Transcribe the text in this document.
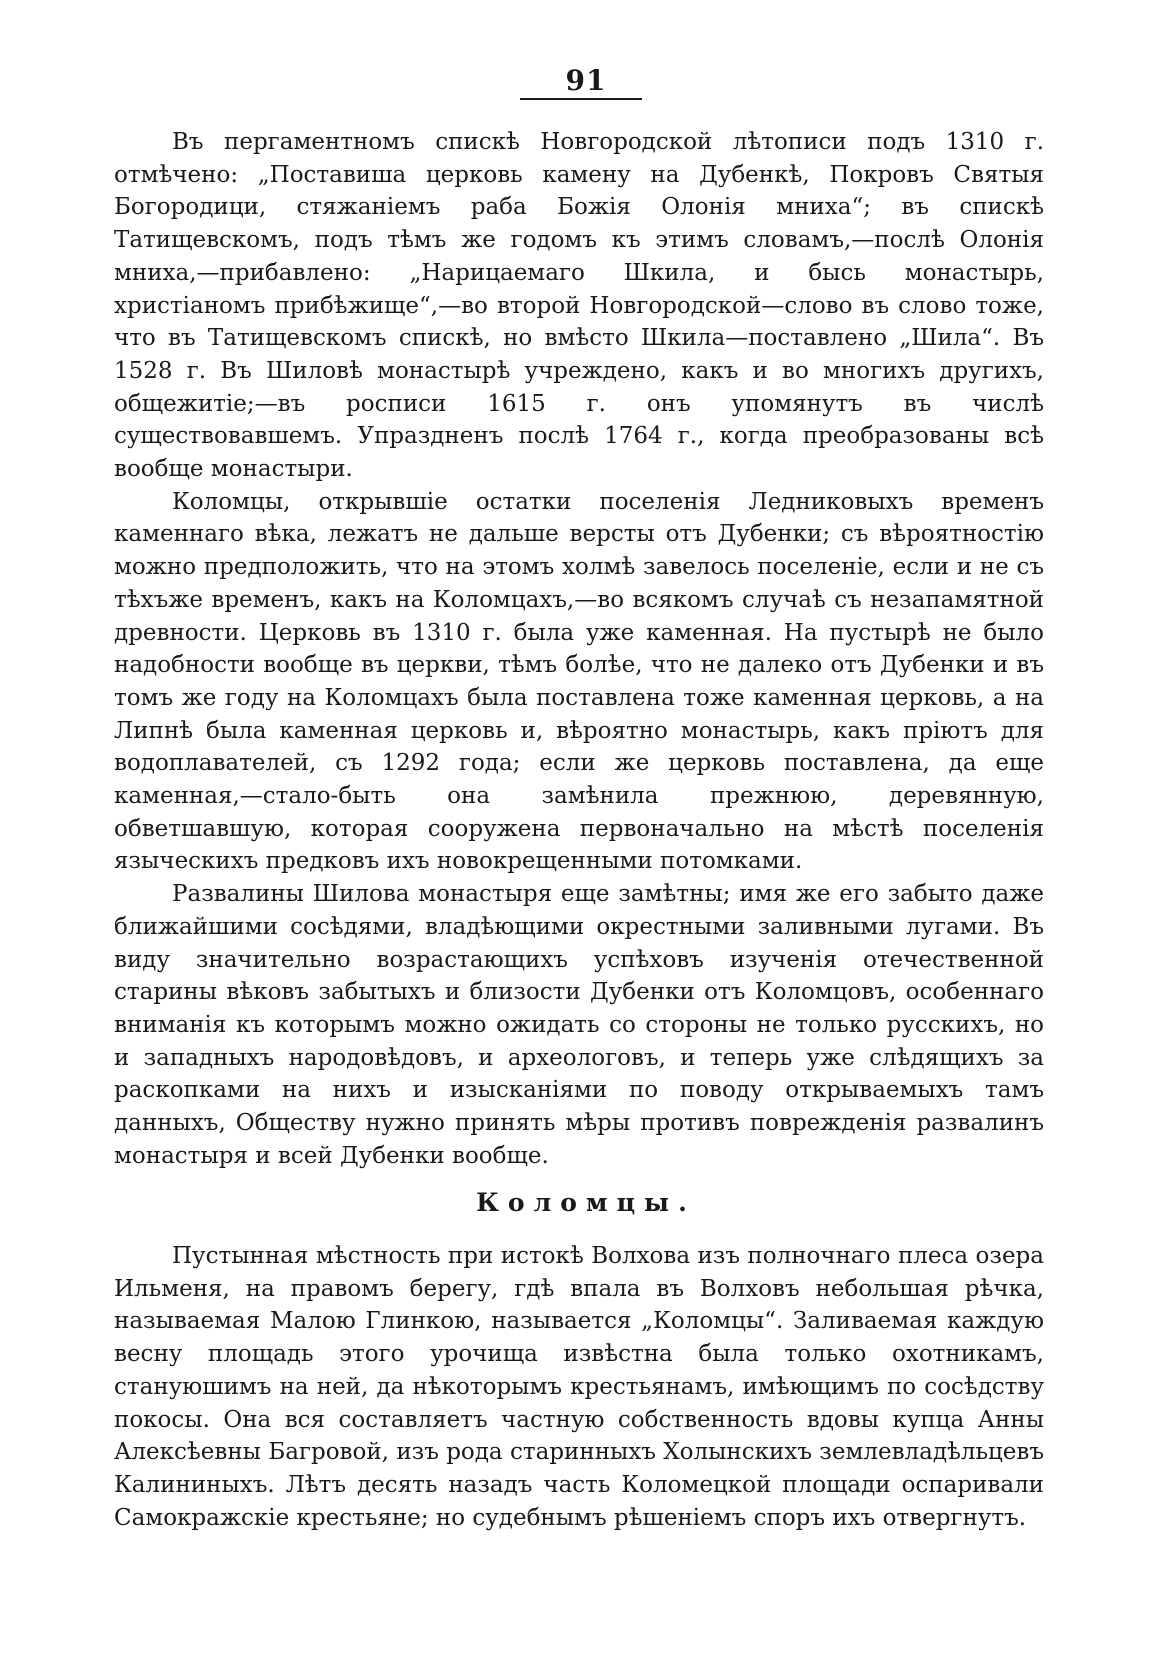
91

Въ пергаментномъ спискѣ Новгородской лѣтописи подъ 1310 г. отмѣчено: „Поставиша церковь камену на Дубенкѣ, Покровъ Святыя Богородици, стяжаніемъ раба Божія Олонія мниха“; въ спискѣ Татищевскомъ, подъ тѣмъ же годомъ къ этимъ словамъ,—послѣ Олонія мниха,—прибавлено: „Нарицаемаго Шкила, и бысь монастырь, христіаномъ прибѣжище“,—во второй Новгородской—слово въ слово тоже, что въ Татищевскомъ спискѣ, но вмѣсто Шкила—поставлено „Шила“. Въ 1528 г. Въ Шиловѣ монастырѣ учреждено, какъ и во многихъ другихъ, общежитіе;—въ росписи 1615 г. онъ упомянутъ въ числѣ существовавшемъ. Упраздненъ послѣ 1764 г., когда преобразованы всѣ вообще монастыри.

Коломцы, открывшіе остатки поселенія Ледниковыхъ временъ каменнаго вѣка, лежатъ не дальше версты отъ Дубенки; съ вѣроятностію можно предположить, что на этомъ холмѣ завелось поселеніе, если и не съ тѣхъже временъ, какъ на Коломцахъ,—во всякомъ случаѣ съ незапамятной древности. Церковь въ 1310 г. была уже каменная. На пустырѣ не было надобности вообще въ церкви, тѣмъ болѣе, что не далеко отъ Дубенки и въ томъ же году на Коломцахъ была поставлена тоже каменная церковь, а на Липнѣ была каменная церковь и, вѣроятно монастырь, какъ пріютъ для водоплавателей, съ 1292 года; если же церковь поставлена, да еще каменная,—стало-быть она замѣнила прежнюю, деревянную, обветшавшую, которая сооружена первоначально на мѣстѣ поселенія языческихъ предковъ ихъ новокрещенными потомками.

Развалины Шилова монастыря еще замѣтны; имя же его забыто даже ближайшими сосѣдями, владѣющими окрестными заливными лугами. Въ виду значительно возрастающихъ успѣховъ изученія отечественной старины вѣковъ забытыхъ и близости Дубенки отъ Коломцовъ, особеннаго вниманія къ которымъ можно ожидать со стороны не только русскихъ, но и западныхъ народовѣдовъ, и археологовъ, и теперь уже слѣдящихъ за раскопками на нихъ и изысканіями по поводу открываемыхъ тамъ данныхъ, Обществу нужно принять мѣры противъ поврежденія развалинъ монастыря и всей Дубенки вообще.

Коломцы.

Пустынная мѣстность при истокѣ Волхова изъ полночнаго плеса озера Ильменя, на правомъ берегу, гдѣ впала въ Волховъ небольшая рѣчка, называемая Малою Глинкою, называется „Коломцы“. Заливаемая каждую весну площадь этого урочища извѣстна была только охотникамъ, стануюшимъ на ней, да нѣкоторымъ крестьянамъ, имѣющимъ по сосѣдству покосы. Она вся составляетъ частную собственность вдовы купца Анны Алексѣевны Багровой, изъ рода старинныхъ Холынскихъ землевладѣльцевъ Калининыхъ. Лѣтъ десять назадъ часть Коломецкой площади оспаривали Самокражскіе крестьяне; но судебнымъ рѣшеніемъ споръ ихъ отвергнутъ.
